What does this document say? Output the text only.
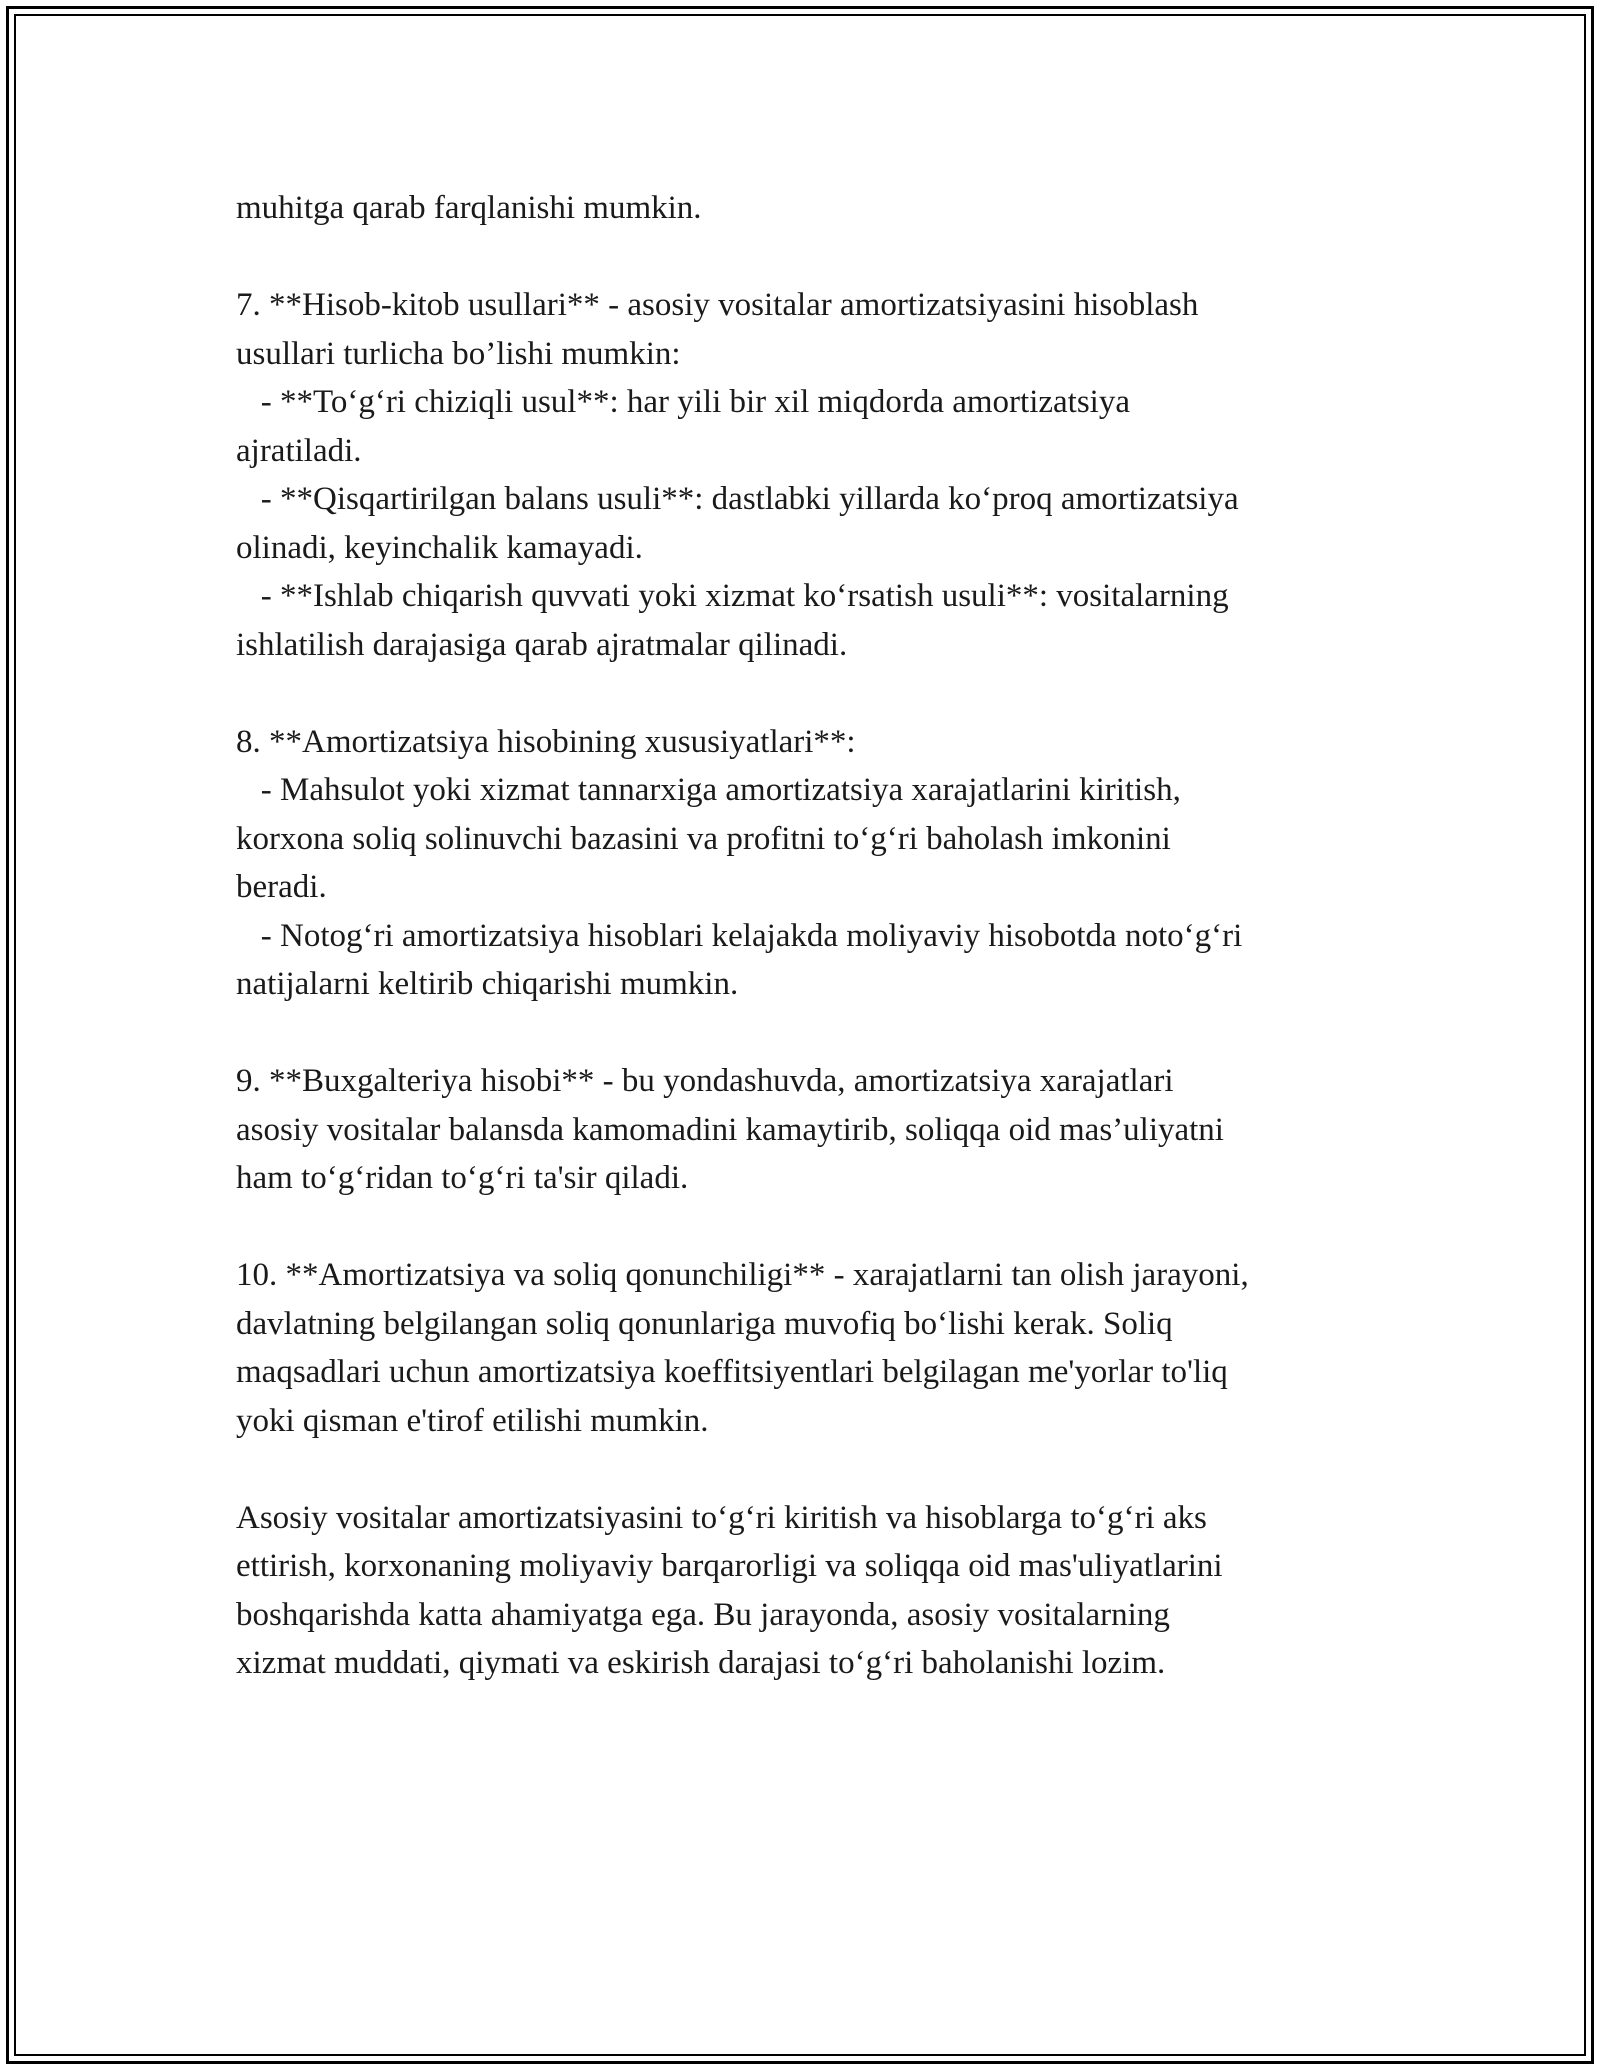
muhitga qarab farqlanishi mumkin.
7. **Hisob-kitob usullari** - asosiy vositalar amortizatsiyasini hisoblash
usullari turlicha bo’lishi mumkin:
- **To‘g‘ri chiziqli usul**: har yili bir xil miqdorda amortizatsiya
ajratiladi.
- **Qisqartirilgan balans usuli**: dastlabki yillarda ko‘proq amortizatsiya
olinadi, keyinchalik kamayadi.
- **Ishlab chiqarish quvvati yoki xizmat ko‘rsatish usuli**: vositalarning
ishlatilish darajasiga qarab ajratmalar qilinadi.
8. **Amortizatsiya hisobining xususiyatlari**:
- Mahsulot yoki xizmat tannarxiga amortizatsiya xarajatlarini kiritish,
korxona soliq solinuvchi bazasini va profitni to‘g‘ri baholash imkonini
beradi.
- Notog‘ri amortizatsiya hisoblari kelajakda moliyaviy hisobotda noto‘g‘ri
natijalarni keltirib chiqarishi mumkin.
9. **Buxgalteriya hisobi** - bu yondashuvda, amortizatsiya xarajatlari
asosiy vositalar balansda kamomadini kamaytirib, soliqqa oid mas’uliyatni
ham to‘g‘ridan to‘g‘ri ta'sir qiladi.
10. **Amortizatsiya va soliq qonunchiligi** - xarajatlarni tan olish jarayoni,
davlatning belgilangan soliq qonunlariga muvofiq bo‘lishi kerak. Soliq
maqsadlari uchun amortizatsiya koeffitsiyentlari belgilagan me'yorlar to'liq
yoki qisman e'tirof etilishi mumkin.
Asosiy vositalar amortizatsiyasini to‘g‘ri kiritish va hisoblarga to‘g‘ri aks
ettirish, korxonaning moliyaviy barqarorligi va soliqqa oid mas'uliyatlarini
boshqarishda katta ahamiyatga ega. Bu jarayonda, asosiy vositalarning
xizmat muddati, qiymati va eskirish darajasi to‘g‘ri baholanishi lozim.
